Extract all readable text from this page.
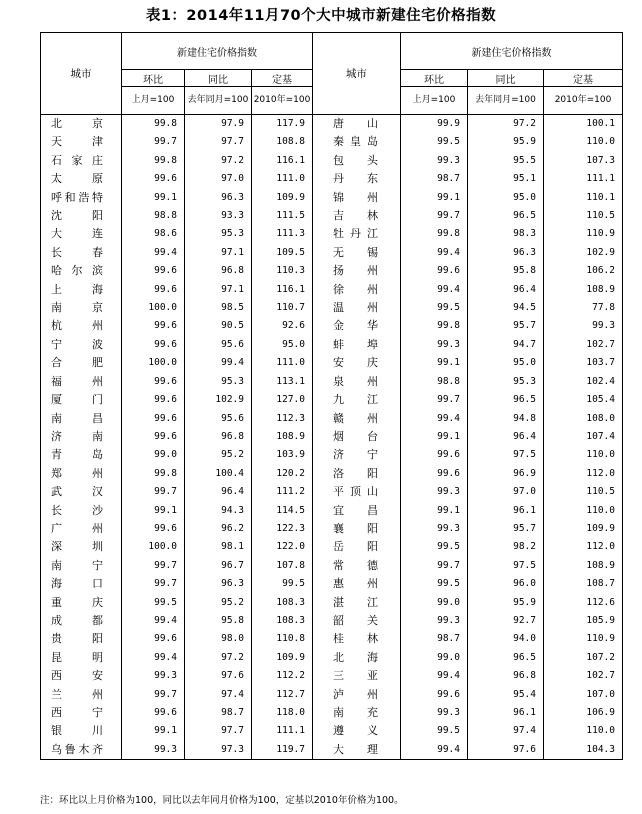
表1：2014年11月70个大中城市新建住宅价格指数
城市	新建住宅价格指数			城市	新建住宅价格指数		
	环比	同比	定基		环比	同比	定基
	上月=100	去年同月=100	2010年=100		上月=100	去年同月=100	2010年=100
北京	99.8	97.9	117.9	唐山	99.9	97.2	100.1
天津	99.7	97.7	108.8	秦皇岛	99.5	95.9	110.0
石家庄	99.8	97.2	116.1	包头	99.3	95.5	107.3
太原	99.6	97.0	111.0	丹东	98.7	95.1	111.1
呼和浩特	99.1	96.3	109.9	锦州	99.1	95.0	110.1
沈阳	98.8	93.3	111.5	吉林	99.7	96.5	110.5
大连	98.6	95.3	111.3	牡丹江	99.8	98.3	110.9
长春	99.4	97.1	109.5	无锡	99.4	96.3	102.9
哈尔滨	99.6	96.8	110.3	扬州	99.6	95.8	106.2
上海	99.6	97.1	116.1	徐州	99.4	96.4	108.9
南京	100.0	98.5	110.7	温州	99.5	94.5	77.8
杭州	99.6	90.5	92.6	金华	99.8	95.7	99.3
宁波	99.6	95.6	95.0	蚌埠	99.3	94.7	102.7
合肥	100.0	99.4	111.0	安庆	99.1	95.0	103.7
福州	99.6	95.3	113.1	泉州	98.8	95.3	102.4
厦门	99.6	102.9	127.0	九江	99.7	96.5	105.4
南昌	99.6	95.6	112.3	赣州	99.4	94.8	108.0
济南	99.6	96.8	108.9	烟台	99.1	96.4	107.4
青岛	99.0	95.2	103.9	济宁	99.6	97.5	110.0
郑州	99.8	100.4	120.2	洛阳	99.6	96.9	112.0
武汉	99.7	96.4	111.2	平顶山	99.3	97.0	110.5
长沙	99.1	94.3	114.5	宜昌	99.1	96.1	110.0
广州	99.6	96.2	122.3	襄阳	99.3	95.7	109.9
深圳	100.0	98.1	122.0	岳阳	99.5	98.2	112.0
南宁	99.7	96.7	107.8	常德	99.7	97.5	108.9
海口	99.7	96.3	99.5	惠州	99.5	96.0	108.7
重庆	99.5	95.2	108.3	湛江	99.0	95.9	112.6
成都	99.4	95.8	108.3	韶关	99.3	92.7	105.9
贵阳	99.6	98.0	110.8	桂林	98.7	94.0	110.9
昆明	99.4	97.2	109.9	北海	99.0	96.5	107.2
西安	99.3	97.6	112.2	三亚	99.4	96.8	102.7
兰州	99.7	97.4	112.7	泸州	99.6	95.4	107.0
西宁	99.6	98.7	118.0	南充	99.3	96.1	106.9
银川	99.1	97.7	111.1	遵义	99.5	97.4	110.0
乌鲁木齐	99.3	97.3	119.7	大理	99.4	97.6	104.3
注：环比以上月价格为100，同比以去年同月价格为100，定基以2010年价格为100。
